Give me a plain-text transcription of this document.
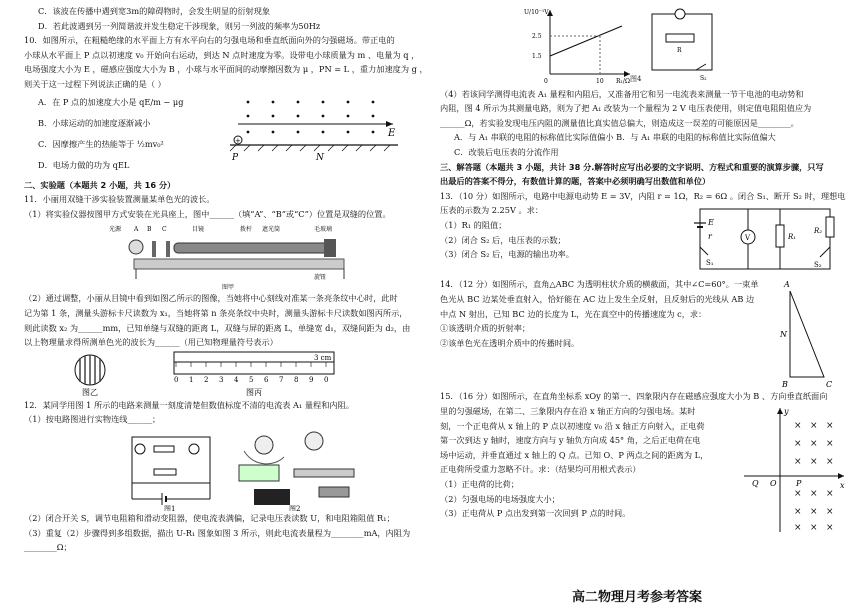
C．该波在传播中遇到宽3m的障碍物时，会发生明显的衍射现象

D．若此波遇到另一列简谐波并发生稳定干涉现象，则另一列波的频率为50Hz

10．如图所示，在粗糙绝缘的水平面上方有水平向右的匀强电场和垂直纸面向外的匀强磁场。带正电的

小球从水平面上 P 点以初速度 v₀ 开始向右运动，到达 N 点时速度为零。设带电小球质量为 m 、电量为 q ，

电场强度大小为 E ，磁感应强度大小为 B ，小球与水平面间的动摩擦因数为 μ ，PN = L ，重力加速度为 g ，

则关于这一过程下列说法正确的是（ ）

A．在 P 点的加速度大小是 qE/m − μg

B．小球运动的加速度逐渐减小

C．因摩擦产生的热能等于 ½mv₀²

D．电场力做的功为 qEL

E
+
P	N

二、实验题（本题共 2 小题，共 16 分）

11．小丽用双缝干涉实验装置测量某单色光的波长。

（1）将实验仪器按图甲方式安装在光具座上，图中______（填“A”、“B”或“C”）位置是双缝的位置。

光源 A B C	目镜	拨杆 遮光筒	毛玻璃
旋钮
图甲

（2）通过调整，小丽从目镜中看到如图乙所示的图像，当她将中心刻线对准某一条亮条纹中心时，此时

记为第 1 条，测量头游标卡尺读数为 x₁，当她将第 n 条亮条纹中央时，测量头游标卡尺读数如图丙所示，

则此读数 x₂ 为______mm，已知单缝与双缝的距离 L，双缝与屏的距离 L，单缝宽 d₁，双缝间距为 d₂，由

以上物理量求得所测单色光的波长为______（用已知物理量符号表示）

图乙
3 cm
0 1 2 3 4 5 6 7 8 9 0
图丙

12．某同学用图 1 所示的电路来测量一刻度清楚但数值标度不清的电流表 A₁ 量程和内阻。

（1）按电路图进行实物连线______；

图1	图2

（2）闭合开关 S，调节电阻箱和滑动变阻器，使电流表满偏，记录电压表读数 U，和电阻箱阻值 R₁；

（3）重复（2）步骤得到多组数据，描出 U-R₁ 图象如图 3 所示，则此电流表量程为________mA，内阻为

________Ω；

U/10⁻¹V
R₁/Ω
2.5
1.5
0	10
R
S₂

图4

（4）若该同学测得电流表 A₁ 量程和内阻后，又准备用它和另一电流表来测量一节干电池的电动势和

内阻，图 4 所示为其测量电路，则为了把 A₁ 改装为一个量程为 2 V 电压表使用，则定值电阻阻值应为

______Ω，若实验发现电压内阻的测量值比真实值总偏大，则造成这一误差的可能原因是________。

A．与 A₁ 串联的电阻的标称值比实际值偏小 B．与 A₁ 串联的电阻的标称值比实际值偏大

C．改装后电压表的分流作用

三、解答题（本题共 3 小题，共计 38 分.解答时应写出必要的文字说明、方程式和重要的演算步骤，只写

出最后的答案不得分，有数值计算的题，答案中必须明确写出数值和单位）

13．（10 分）如图所示，电路中电源电动势 E = 3V，内阻 r = 1Ω，R₂ = 6Ω 。闭合 S₁、断开 S₂ 时，理想电

压表的示数为 2.25V 。求：

（1）R₁ 的阻值；

（2）闭合 S₂ 后，电压表的示数；

（3）闭合 S₂ 后，电源的输出功率。

E
r
S₁
V	R₁
R₂
S₂

14．（12 分）如图所示，直角△ABC 为透明柱状介质的横截面，其中∠C=60°。一束单

色光从 BC 边某处垂直射入，恰好能在 AC 边上发生全反射，且反射后的光线从 AB 边

中点 N 射出，已知 BC 边的长度为 L，光在真空中的传播速度为 c，求：

①该透明介质的折射率；

②该单色光在透明介质中的传播时间。

A
B	C
N

15．（16 分）如图所示，在直角坐标系 xOy 的第一、四象限内存在磁感应强度大小为 B 、方向垂直纸面向

里的匀强磁场，在第二、三象限内存在沿 x 轴正方向的匀强电场。某时

刻，一个正电荷从 x 轴上的 P 点以初速度 v₀ 沿 x 轴正方向射入，正电荷

第一次到达 y 轴时，速度方向与 y 轴负方向成 45° 角，之后正电荷在电

场中运动，并垂直通过 x 轴上的 Q 点。已知 O、P 两点之间的距离为 L，

正电荷所受重力忽略不计。求：（结果均可用根式表示）

（1）正电荷的比荷；

（2）匀强电场的电场强度大小；

（3）正电荷从 P 点出发到第一次回到 P 点的时间。

x
y
O
Q	P
× × ×
× × ×
× × ×
× × ×
× × ×
× × ×
高二物理月考参考答案
